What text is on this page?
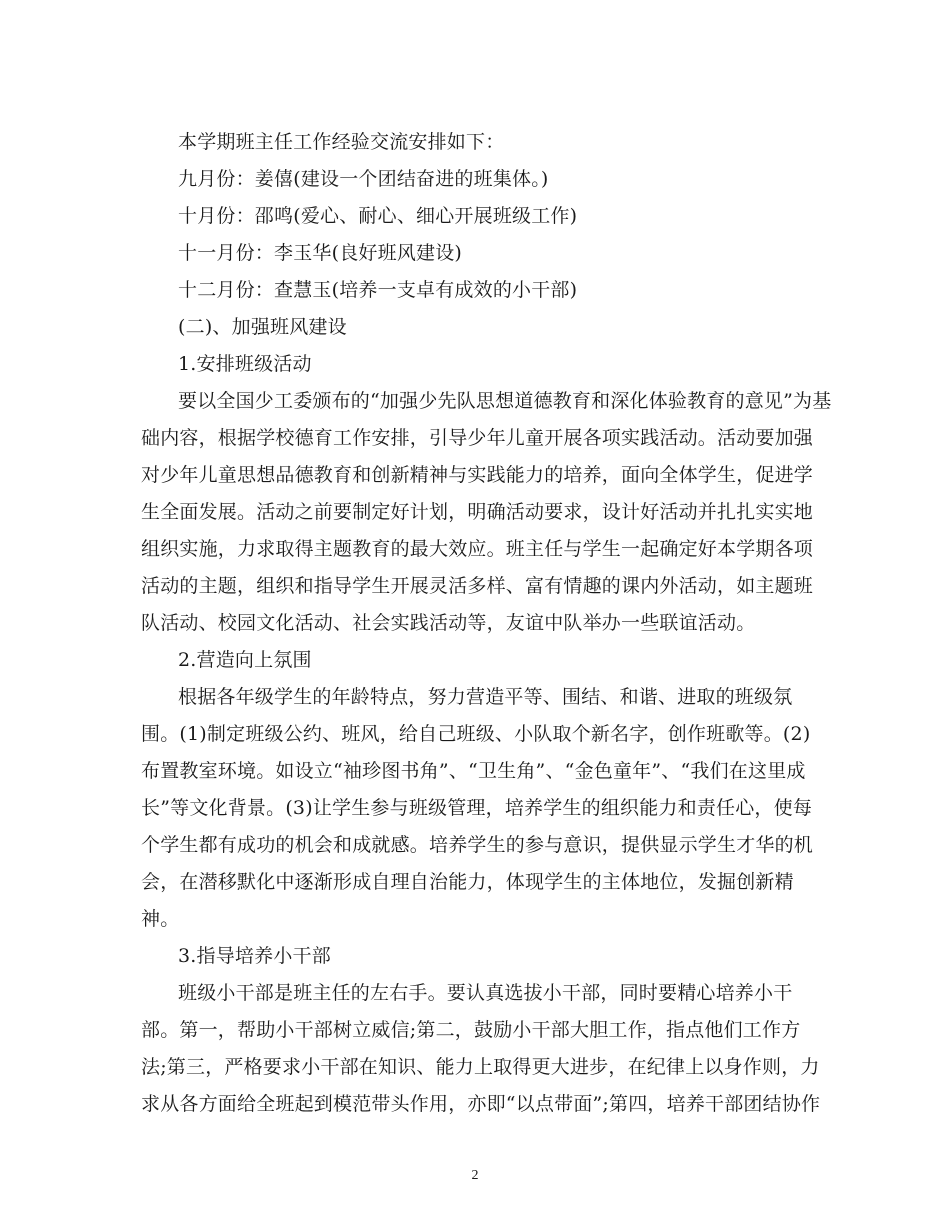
本学期班主任工作经验交流安排如下：
九月份：姜僖(建设一个团结奋进的班集体。)
十月份：邵鸣(爱心、耐心、细心开展班级工作)
十一月份：李玉华(良好班风建设)
十二月份：查慧玉(培养一支卓有成效的小干部)
(二)、加强班风建设
1.安排班级活动
要以全国少工委颁布的“加强少先队思想道德教育和深化体验教育的意见”为基
础内容，根据学校德育工作安排，引导少年儿童开展各项实践活动。活动要加强
对少年儿童思想品德教育和创新精神与实践能力的培养，面向全体学生，促进学
生全面发展。活动之前要制定好计划，明确活动要求，设计好活动并扎扎实实地
组织实施，力求取得主题教育的最大效应。班主任与学生一起确定好本学期各项
活动的主题，组织和指导学生开展灵活多样、富有情趣的课内外活动，如主题班
队活动、校园文化活动、社会实践活动等，友谊中队举办一些联谊活动。
2.营造向上氛围
根据各年级学生的年龄特点，努力营造平等、围结、和谐、进取的班级氛
围。(1)制定班级公约、班风，给自己班级、小队取个新名字，创作班歌等。(2)
布置教室环境。如设立“袖珍图书角”、“卫生角”、“金色童年”、“我们在这里成
长”等文化背景。(3)让学生参与班级管理，培养学生的组织能力和责任心，使每
个学生都有成功的机会和成就感。培养学生的参与意识，提供显示学生才华的机
会，在潜移默化中逐渐形成自理自治能力，体现学生的主体地位，发掘创新精
神。
3.指导培养小干部
班级小干部是班主任的左右手。要认真选拔小干部，同时要精心培养小干
部。第一，帮助小干部树立威信;第二，鼓励小干部大胆工作，指点他们工作方
法;第三，严格要求小干部在知识、能力上取得更大进步，在纪律上以身作则，力
求从各方面给全班起到模范带头作用，亦即“以点带面”;第四，培养干部团结协作
2
